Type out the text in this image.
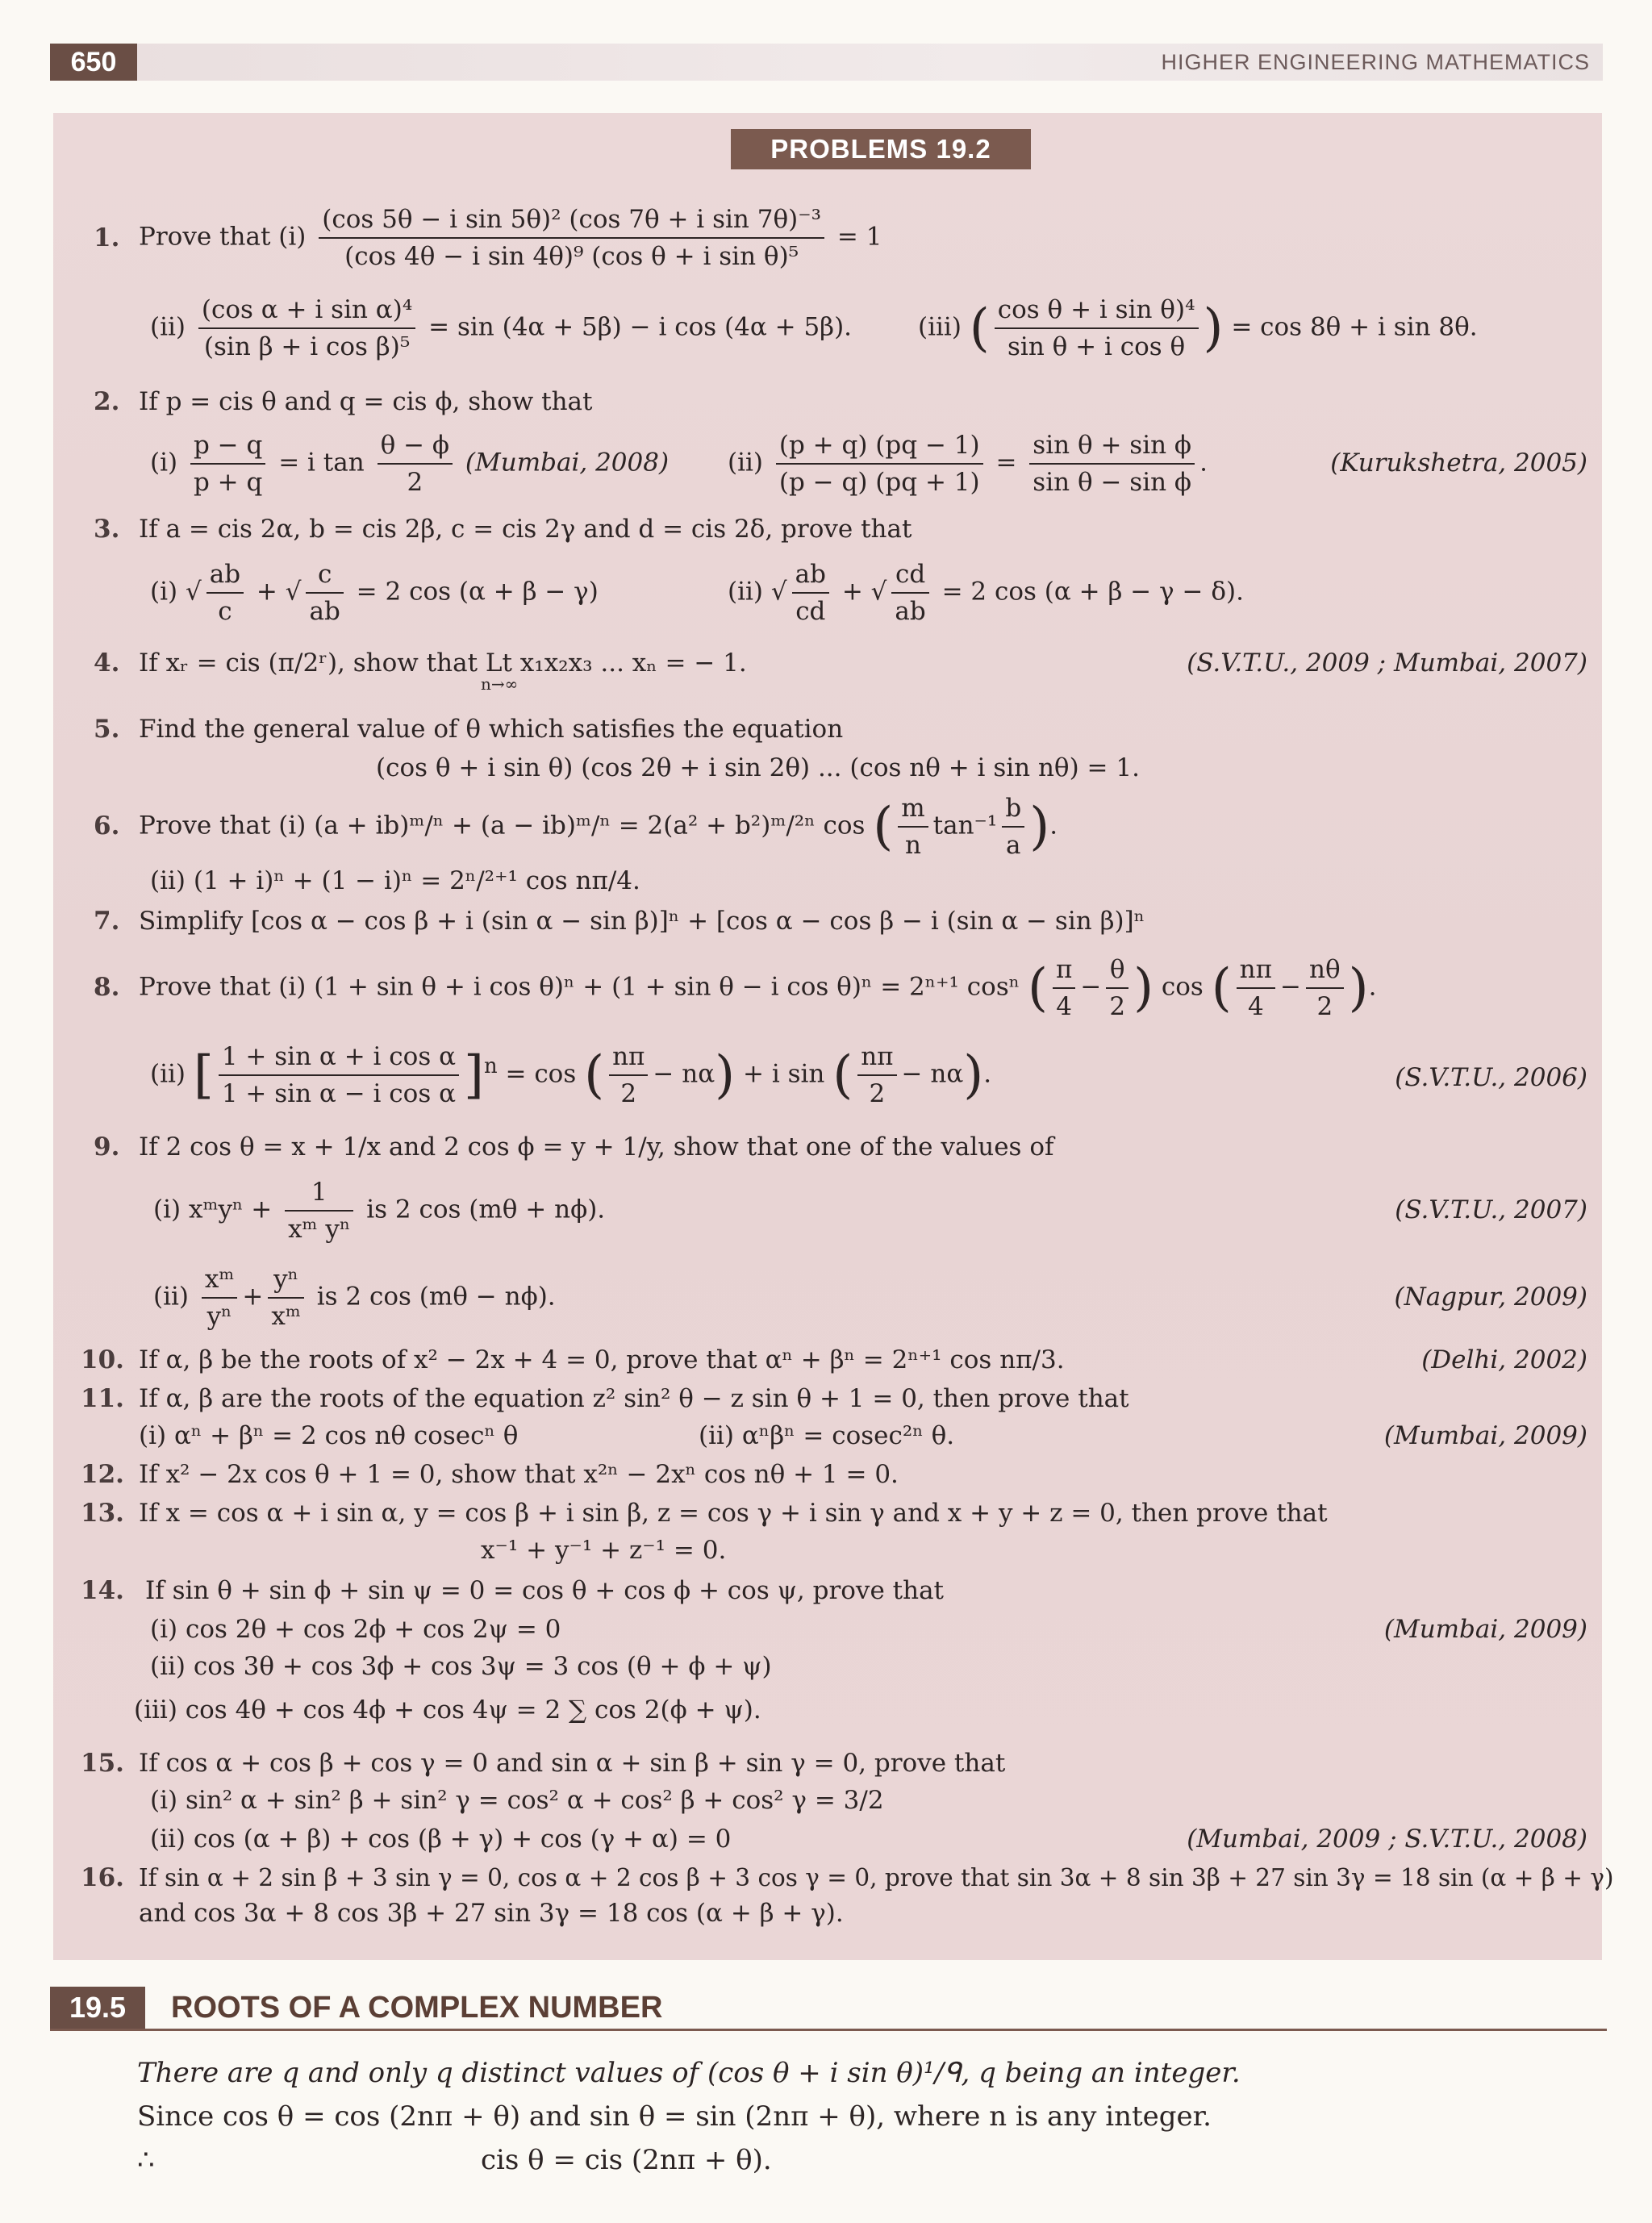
650	HIGHER ENGINEERING MATHEMATICS
PROBLEMS 19.2
1. Prove that $(i) \frac{\text{(cos 5θ − i sin 5θ)² (cos 7θ + i sin 7θ)⁻³}}{\text{(cos 4θ − i sin 4θ)⁹ (cos θ + i sin θ)⁵}} = 1$
$(ii) \frac{\text{(cos α + i sin α)⁴}}{\text{(sin β + i cos β)⁵}} = \sin (4\alpha + 5\beta) - i$ cos (4α + 5β).	(iii) ( $\frac{\text{cos θ + i sin θ)⁴}}{\text{sin θ + i cos θ}}$ ) = cos 8θ + i sin 8θ.
2. If p = cis θ and q = cis ϕ, show that
$(i) \frac{p - q}{p + q} = i$ $\tan \frac{\theta - \phi}{2}$ (Mumbai, 2008) $(ii) \frac{(p + q) (pq - 1)}{(p - q) (pq + 1)} = \frac{\text{sin θ + sin ϕ}}{\text{sin θ − sin ϕ}}$ .	(Kurukshetra, 2005)
3. If a = cis 2α, b = cis 2β, c = cis 2γ and d = cis 2δ, prove that
(i) √ $\frac{ab}{c}$ + √ $\frac{c}{ab} = 2$ cos (α + β − γ)	(ii) √ $\frac{ab}{cd}$ + √ $\frac{cd}{ab} = 2$ cos (α + β − γ − δ).
4. If xᵣ = cis (π/2ʳ), show that Lt x₁x₂x₃ ... xₙ = − 1.
n→∞
(S.V.T.U., 2009 ; Mumbai, 2007)
5. Find the general value of θ which satisfies the equation
(cos θ + i sin θ) (cos 2θ + i sin 2θ) ... (cos nθ + i sin nθ) = 1.
6. Prove that (i) (a + ib)ᵐ/ⁿ + (a − ib)ᵐ/ⁿ = 2(a² + b²)ᵐ/²ⁿ cos ( $\frac{m}{n} \tan^{-1} \frac{b}{a}$ ).
(ii) (1 + i)ⁿ + (1 − i)ⁿ = 2ⁿ/²⁺¹ cos nπ/4.
7. Simplify [cos α − cos β + i (sin α − sin β)]ⁿ + [cos α − cos β − i (sin α − sin β)]ⁿ
8. Prove that (i) (1 + sin θ + i cos θ)ⁿ + (1 + sin θ − i cos θ)ⁿ = 2ⁿ⁺¹ cosⁿ ( $\frac{\pi}{4} - \frac{\theta}{2}$ ) cos ( $\frac{n\pi}{4} - \frac{n\theta}{2}$ ).
(ii) [ $\frac{\text{1 + sin α + i cos α}}{\text{1 + sin α − i cos α}} ]^n = \cos$ ( $\frac{n\pi}{2} - n\alpha) + i$ sin ( $\frac{n\pi}{2} - n\alpha$).	(S.V.T.U., 2006)
9. If 2 cos θ = x + 1/x and 2 cos ϕ = y + 1/y, show that one of the values of
(i) xᵐyⁿ + $\frac{1}{\text{xᵐ yⁿ}}$ is 2 cos (mθ + nϕ).	(S.V.T.U., 2007)
$(ii) \frac{\text{xᵐ}}{\text{yⁿ}} + \frac{\text{yⁿ}}{\text{xᵐ}}$ is 2 cos (mθ − nϕ).	(Nagpur, 2009)
10. If α, β be the roots of x² − 2x + 4 = 0, prove that αⁿ + βⁿ = 2ⁿ⁺¹ cos nπ/3.	(Delhi, 2002)
11. If α, β are the roots of the equation z² sin² θ − z sin θ + 1 = 0, then prove that
(i) αⁿ + βⁿ = 2 cos nθ cosecⁿ θ	(ii) αⁿβⁿ = cosec²ⁿ θ.	(Mumbai, 2009)
12. If x² − 2x cos θ + 1 = 0, show that x²ⁿ − 2xⁿ cos nθ + 1 = 0.
13. If x = cos α + i sin α, y = cos β + i sin β, z = cos γ + i sin γ and x + y + z = 0, then prove that
x⁻¹ + y⁻¹ + z⁻¹ = 0.
14. If sin θ + sin ϕ + sin ψ = 0 = cos θ + cos ϕ + cos ψ, prove that
(i) cos 2θ + cos 2ϕ + cos 2ψ = 0	(Mumbai, 2009)
(ii) cos 3θ + cos 3ϕ + cos 3ψ = 3 cos (θ + ϕ + ψ)
(iii) cos 4θ + cos 4ϕ + cos 4ψ = 2 ∑ cos 2(ϕ + ψ).
15. If cos α + cos β + cos γ = 0 and sin α + sin β + sin γ = 0, prove that
(i) sin² α + sin² β + sin² γ = cos² α + cos² β + cos² γ = 3/2
(ii) cos (α + β) + cos (β + γ) + cos (γ + α) = 0	(Mumbai, 2009 ; S.V.T.U., 2008)
16. If sin α + 2 sin β + 3 sin γ = 0, cos α + 2 cos β + 3 cos γ = 0, prove that sin 3α + 8 sin 3β + 27 sin 3γ = 18 sin (α + β + γ)
and cos 3α + 8 cos 3β + 27 sin 3γ = 18 cos (α + β + γ).
19.5	ROOTS OF A COMPLEX NUMBER
There are q and only q distinct values of (cos θ + i sin θ)¹/ᑫ, q being an integer.
Since cos θ = cos (2nπ + θ) and sin θ = sin (2nπ + θ), where n is any integer.
∴	cis θ = cis (2nπ + θ).
